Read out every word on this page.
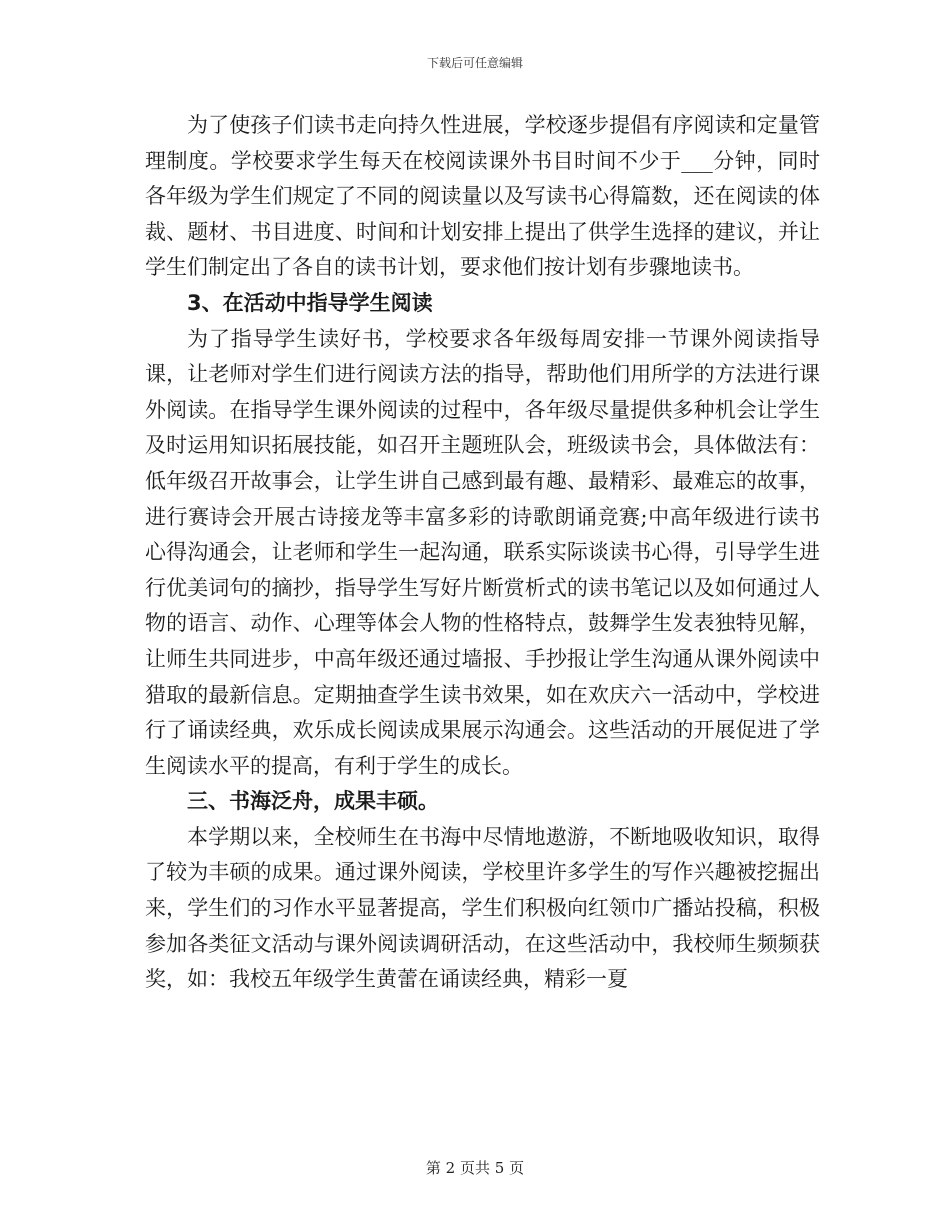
下载后可任意编辑

为了使孩子们读书走向持久性进展，学校逐步提倡有序阅读和定量管理制度。学校要求学生每天在校阅读课外书目时间不少于___分钟，同时各年级为学生们规定了不同的阅读量以及写读书心得篇数，还在阅读的体裁、题材、书目进度、时间和计划安排上提出了供学生选择的建议，并让学生们制定出了各自的读书计划，要求他们按计划有步骤地读书。

3、在活动中指导学生阅读

为了指导学生读好书，学校要求各年级每周安排一节课外阅读指导课，让老师对学生们进行阅读方法的指导，帮助他们用所学的方法进行课外阅读。在指导学生课外阅读的过程中，各年级尽量提供多种机会让学生及时运用知识拓展技能，如召开主题班队会，班级读书会，具体做法有：低年级召开故事会，让学生讲自己感到最有趣、最精彩、最难忘的故事，进行赛诗会开展古诗接龙等丰富多彩的诗歌朗诵竞赛;中高年级进行读书心得沟通会，让老师和学生一起沟通，联系实际谈读书心得，引导学生进行优美词句的摘抄，指导学生写好片断赏析式的读书笔记以及如何通过人物的语言、动作、心理等体会人物的性格特点，鼓舞学生发表独特见解，让师生共同进步，中高年级还通过墙报、手抄报让学生沟通从课外阅读中猎取的最新信息。定期抽查学生读书效果，如在欢庆六一活动中，学校进行了诵读经典，欢乐成长阅读成果展示沟通会。这些活动的开展促进了学生阅读水平的提高，有利于学生的成长。

三、书海泛舟，成果丰硕。

本学期以来，全校师生在书海中尽情地遨游，不断地吸收知识，取得了较为丰硕的成果。通过课外阅读，学校里许多学生的写作兴趣被挖掘出来，学生们的习作水平显著提高，学生们积极向红领巾广播站投稿，积极参加各类征文活动与课外阅读调研活动，在这些活动中，我校师生频频获奖，如：我校五年级学生黄蕾在诵读经典，精彩一夏

第 2 页共 5 页
